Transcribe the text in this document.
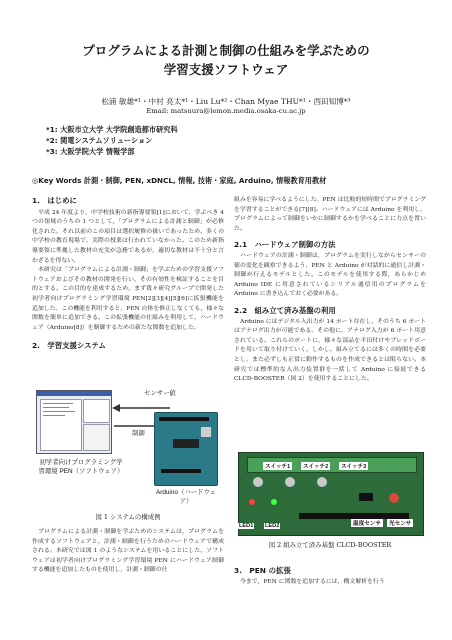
プログラムによる計測と制御の仕組みを学ぶための
学習支援ソフトウェア
松浦 敏雄*¹・中村 亮太*¹・Liu Lu*²・Chan Myae THU*¹・西田知博*³
Email: matsuura@lemon.media.osaka-cu.ac.jp
*1: 大阪市立大学 大学院創造都市研究科
*2: 関電システムソリューション
*3: 大阪学院大学 情報学部
◎Key Words 計測・制御, PEN, xDNCL, 情報, 技術・家庭, Arduino, 情報教育用教材
1.　はじめに

平成 24 年度より，中学校技術の新指導要領[1]において，学ぶべき 4 つの領域のうちの 1 つとして，「プログラムによる計測と制御」が必修化された。それ以前のこの項目は選択履修の扱いであったため，多くの中学校の教育現場で，実際の授業は行われていなかった。このため新指導要領に準拠した教材の充実が急務であるが，適切な教材は不十分と言わざるを得ない。

本研究は「プログラムによる計測・制御」を学ぶための学習支援ソフトウェアおよびその教材の開発を行い，その有効性を検証することを目的とする。この目的を達成するため，まず我々研究グループで開発した初学者向けプログラミング学習環境 PEN[2][3][4][5][6]に拡張機能を追加した。この機能を利用すると，PEN 自体を修正しなくても，様々な関数を簡単に追加できる。この拡張機能の仕組みを利用して，ハードウェア（Arduino[8]）を制御するための新たな関数を追加した。

2.　学習支援システム
センサー値
制御
初学者向けプログラミング学習環境 PEN（ソフトウェア）
Arduino（ハードウェア）
図 1 システムの構成例

プログラムによる計測・制御を学ぶためのシステムは，プログラムを作成するソフトウェアと，計測・制御を行うためのハードウェアで構成される。本研究では図 1 のようなシステムを用いることにした。ソフトウェアは初学者向けプログラミング学習環境 PEN にハードウェア制御する機能を追加したものを使用し，計測・制御の仕

組みを容易に学べるようにした。PEN は比較的短時間でプログラミングを学習することができる[7][8]。ハードウェアには Arduino を利用し，プログラムによって制御をいかに制御するかを学べることに力点を置いた。

2.1　ハードウェア制御の方法

ハードウェアの計測・制御は，プログラムを実行しながらセンサーの値の変化を観察できるよう，PEN と Arduino が対話的に通信し計測・制御が行えるモデルとした。このモデルを使用する際，あらかじめ Arduino IDE に用意されているシリアル通信用のプログラムを Arduino に書き込んでおく必要がある。

2.2　組み立て済み基盤の利用

Arduino にはデジタル入出力が 14 ポート存在し，そのうち 6 ポートはアナログ出力が可能である。その他に，アナログ入力が 6 ポート用意されている。これらのポートに，様々な部品を半田付けやブレッドボードを用いて取り付けていく。しかし，組み立てるには多くの時間を必要とし，また必ずしも正常に動作するものを作成できるとは限らない。本研究では標準的な入出力装置群を一括して Arduino に接続できる CLCD-BOOSTER（図 2）を使用することにした。

スイッチ1	スイッチ2	スイッチ3
温度センサ	光センサ
LED1 LED2
図 2 組み立て済み基盤 CLCD-BOOSTER
3.　PEN の拡張

今まで，PEN に関数を追加するには，構文解析を行う
